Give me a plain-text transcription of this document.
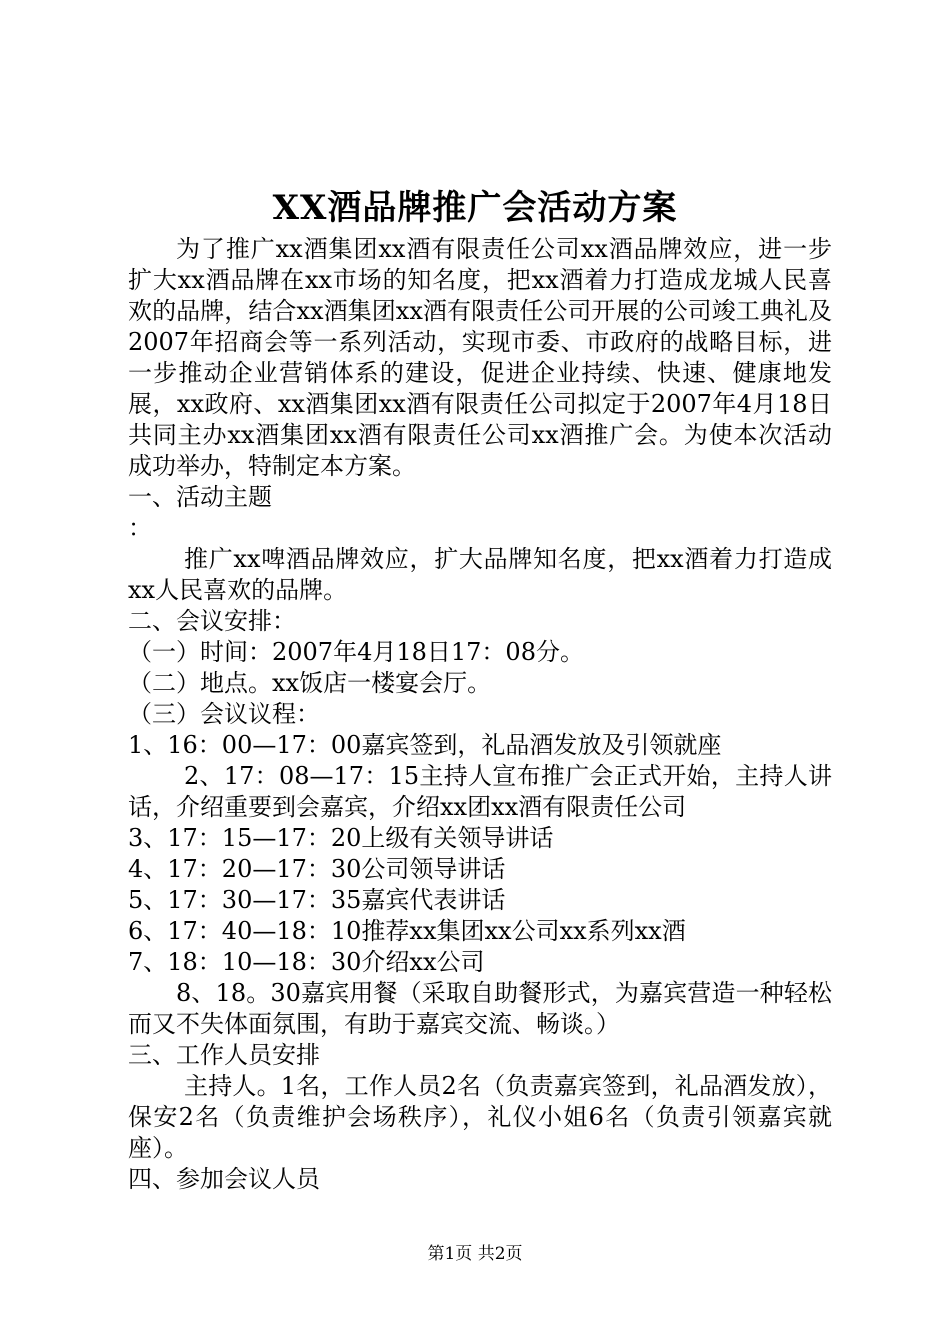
XX酒品牌推广会活动方案

为了推广xx酒集团xx酒有限责任公司xx酒品牌效应，进一步扩大xx酒品牌在xx市场的知名度，把xx酒着力打造成龙城人民喜欢的品牌，结合xx酒集团xx酒有限责任公司开展的公司竣工典礼及2007年招商会等一系列活动，实现市委、市政府的战略目标，进一步推动企业营销体系的建设，促进企业持续、快速、健康地发展，xx政府、xx酒集团xx酒有限责任公司拟定于2007年4月18日共同主办xx酒集团xx酒有限责任公司xx酒推广会。为使本次活动成功举办，特制定本方案。

一、活动主题

：

推广xx啤酒品牌效应，扩大品牌知名度，把xx酒着力打造成xx人民喜欢的品牌。

二、会议安排：

（一）时间：2007年4月18日17：08分。

（二）地点。xx饭店一楼宴会厅。

（三）会议议程：

1、16：00—17：00嘉宾签到，礼品酒发放及引领就座

2、17：08—17：15主持人宣布推广会正式开始，主持人讲话，介绍重要到会嘉宾，介绍xx团xx酒有限责任公司

3、17：15—17：20上级有关领导讲话

4、17：20—17：30公司领导讲话

5、17：30—17：35嘉宾代表讲话

6、17：40—18：10推荐xx集团xx公司xx系列xx酒

7、18：10—18：30介绍xx公司

8、18。30嘉宾用餐（采取自助餐形式，为嘉宾营造一种轻松而又不失体面氛围，有助于嘉宾交流、畅谈。）

三、工作人员安排

主持人。1名，工作人员2名（负责嘉宾签到，礼品酒发放），保安2名（负责维护会场秩序），礼仪小姐6名（负责引领嘉宾就座）。

四、参加会议人员

第1页 共2页
